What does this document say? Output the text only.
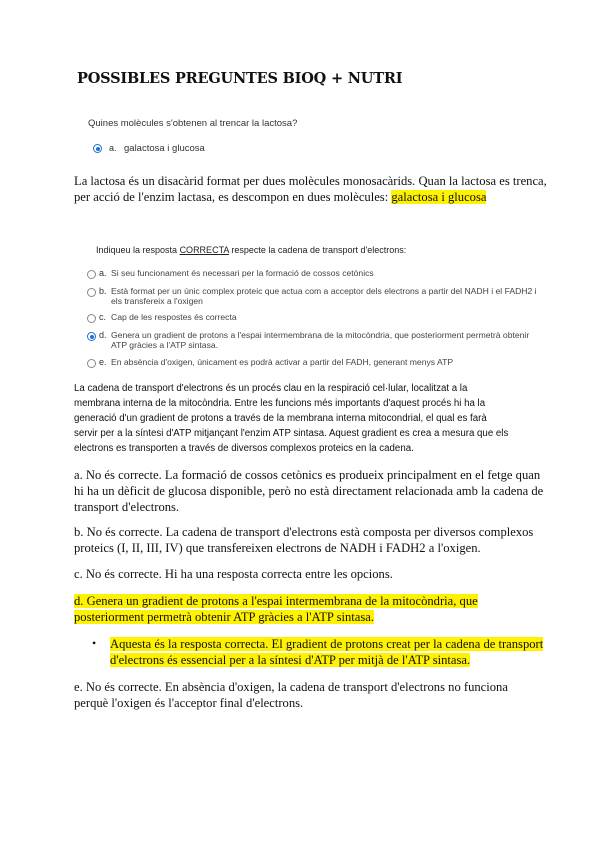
POSSIBLES PREGUNTES BIOQ + NUTRI
Quines molècules s'obtenen al trencar la lactosa?
a. galactosa i glucosa
La lactosa és un disacàrid format per dues molècules monosacàrids. Quan la lactosa es trenca,
per acció de l'enzim lactasa, es descompon en dues molècules: galactosa i glucosa
Indiqueu la resposta CORRECTA respecte la cadena de transport d'electrons:
a. Si seu funcionament és necessari per la formació de cossos cetònics
b. Està format per un únic complex proteic que actua com a acceptor dels electrons a partir del NADH i el FADH2 i
els transfereix a l'oxigen
c. Cap de les respostes és correcta
d. Genera un gradient de protons a l'espai intermembrana de la mitocòndria, que posteriorment permetrà obtenir
ATP gràcies a l'ATP sintasa.
e. En absència d'oxigen, únicament es podrà activar a partir del FADH, generant menys ATP
La cadena de transport d'electrons és un procés clau en la respiració cel·lular, localitzat a la
membrana interna de la mitocòndria. Entre les funcions més importants d'aquest procés hi ha la
generació d'un gradient de protons a través de la membrana interna mitocondrial, el qual es farà
servir per a la síntesi d'ATP mitjançant l'enzim ATP sintasa. Aquest gradient es crea a mesura que els
electrons es transporten a través de diversos complexos proteics en la cadena.
a. No és correcte. La formació de cossos cetònics es produeix principalment en el fetge quan
hi ha un dèficit de glucosa disponible, però no està directament relacionada amb la cadena de
transport d'electrons.
b. No és correcte. La cadena de transport d'electrons està composta per diversos complexos
proteics (I, II, III, IV) que transfereixen electrons de NADH i FADH2 a l'oxigen.
c. No és correcte. Hi ha una resposta correcta entre les opcions.
d. Genera un gradient de protons a l'espai intermembrana de la mitocòndria, que
posteriorment permetrà obtenir ATP gràcies a l'ATP sintasa.
• Aquesta és la resposta correcta. El gradient de protons creat per la cadena de transport
d'electrons és essencial per a la síntesi d'ATP per mitjà de l'ATP sintasa.
e. No és correcte. En absència d'oxigen, la cadena de transport d'electrons no funciona
perquè l'oxigen és l'acceptor final d'electrons.
